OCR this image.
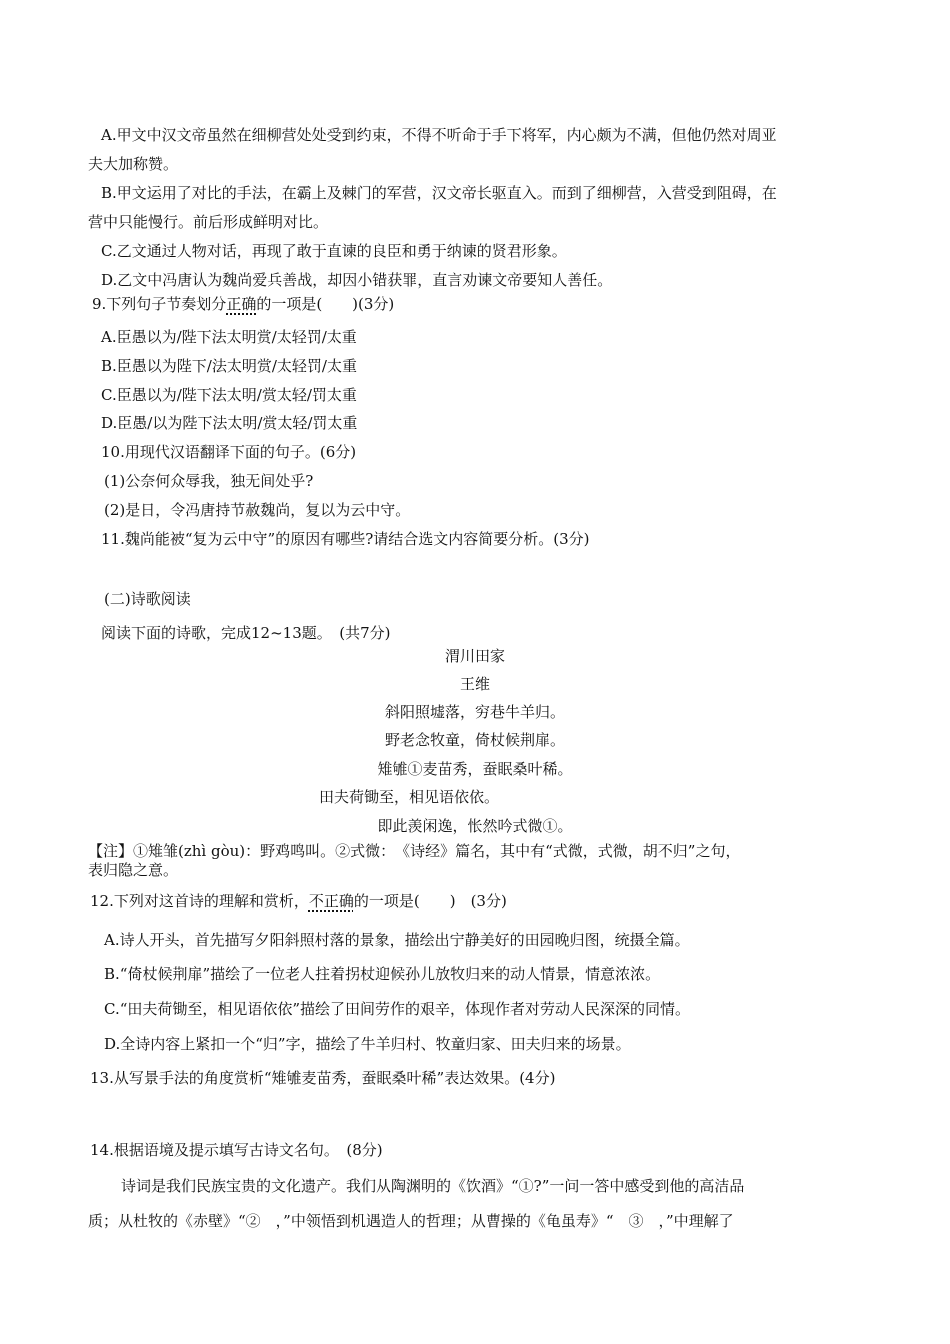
A.甲文中汉文帝虽然在细柳营处处受到约束，不得不听命于手下将军，内心颇为不满，但他仍然对周亚
夫大加称赞。
B.甲文运用了对比的手法，在霸上及棘门的军营，汉文帝长驱直入。而到了细柳营，入营受到阻碍，在
营中只能慢行。前后形成鲜明对比。
C.乙文通过人物对话，再现了敢于直谏的良臣和勇于纳谏的贤君形象。
D.乙文中冯唐认为魏尚爱兵善战，却因小错获罪，直言劝谏文帝要知人善任。
9.下列句子节奏划分正确的一项是(　　)(3分)
A.臣愚以为/陛下法太明赏/太轻罚/太重
B.臣愚以为陛下/法太明赏/太轻罚/太重
C.臣愚以为/陛下法太明/赏太轻/罚太重
D.臣愚/以为陛下法太明/赏太轻/罚太重
10.用现代汉语翻译下面的句子。(6分)
(1)公奈何众辱我，独无间处乎?
(2)是日，令冯唐持节赦魏尚，复以为云中守。
11.魏尚能被“复为云中守”的原因有哪些?请结合选文内容简要分析。(3分)
(二)诗歌阅读
阅读下面的诗歌，完成12~13题。　(共7分)
渭川田家
王维
斜阳照墟落，穷巷牛羊归。
野老念牧童，倚杖候荆扉。
雉雊①麦苗秀，蚕眠桑叶稀。
田夫荷锄至，相见语依依。
即此羡闲逸，怅然吟式微①。
【注】①雉雏(zhì gòu)：野鸡鸣叫。②式微：　《诗经》篇名，其中有“式微，式微，胡不归”之句，
表归隐之意。
12.下列对这首诗的理解和赏析，不正确的一项是(　　)　(3分)
A.诗人开头，首先描写夕阳斜照村落的景象，描绘出宁静美好的田园晚归图，统摄全篇。
B.“倚杖候荆扉”描绘了一位老人拄着拐杖迎候孙儿放牧归来的动人情景，情意浓浓。
C.“田夫荷锄至，相见语依依”描绘了田间劳作的艰辛，体现作者对劳动人民深深的同情。
D.全诗内容上紧扣一个“归”字，描绘了牛羊归村、牧童归家、田夫归来的场景。
13.从写景手法的角度赏析“雉雊麦苗秀，蚕眠桑叶稀”表达效果。(4分)
14.根据语境及提示填写古诗文名句。　(8分)
诗词是我们民族宝贵的文化遗产。我们从陶渊明的《饮酒》“①?”一问一答中感受到他的高洁品
质；从杜牧的《赤壁》“②　，”中领悟到机遇造人的哲理；从曹操的《龟虽寿》“　③　，”中理解了
